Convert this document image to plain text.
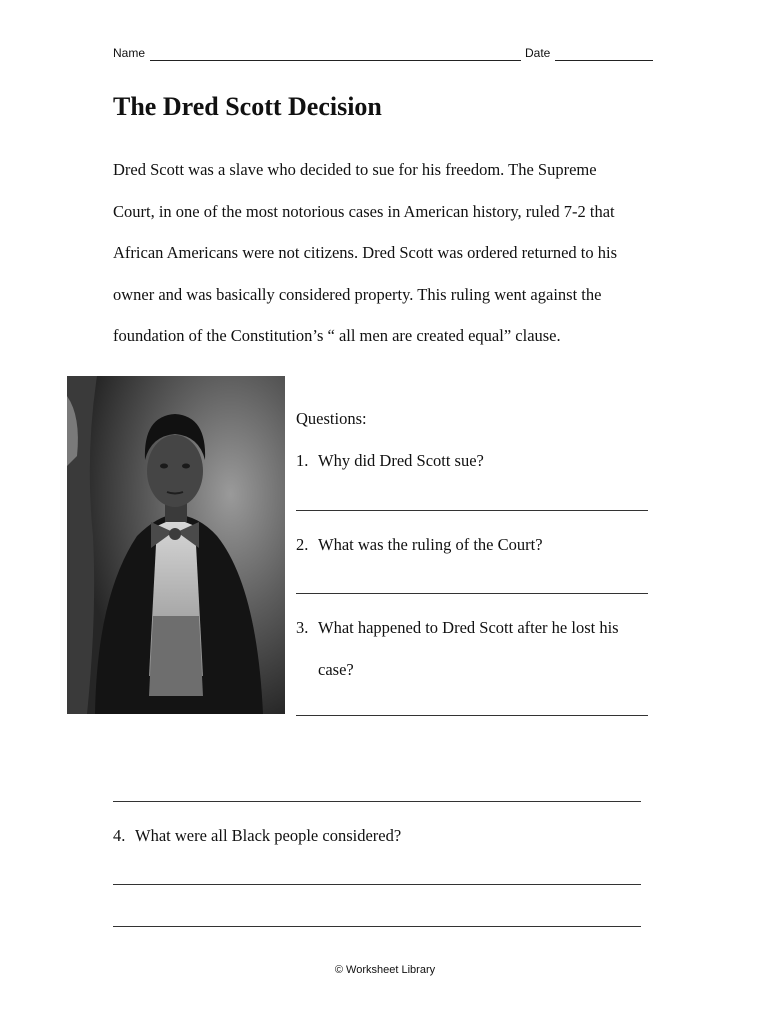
Name	Date
The Dred Scott Decision
Dred Scott was a slave who decided to sue for his freedom. The Supreme
Court, in one of the most notorious cases in American history, ruled 7-2 that
African Americans were not citizens. Dred Scott was ordered returned to his
owner and was basically considered property. This ruling went against the
foundation of the Constitution’s “ all men are created equal” clause.
Questions:
1. Why did Dred Scott sue?
2. What was the ruling of the Court?
3. What happened to Dred Scott after he lost his
case?
4. What were all Black people considered?
© Worksheet Library
